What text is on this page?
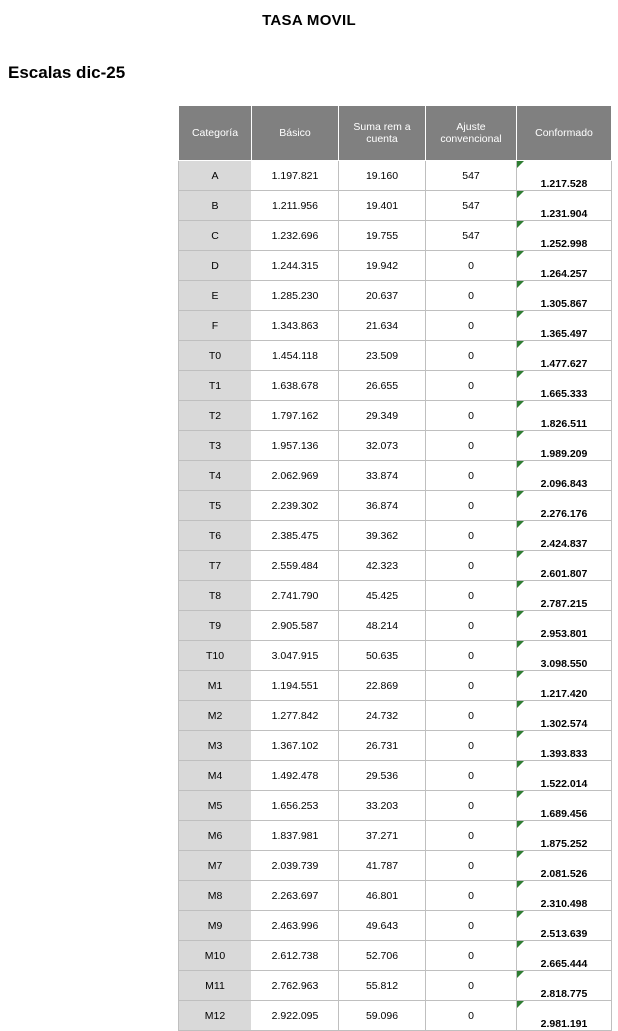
TASA MOVIL
Escalas dic-25
Categoría	Básico	Suma rem a cuenta	Ajuste convencional	Conformado
A	1.197.821	19.160	547	1.217.528
B	1.211.956	19.401	547	1.231.904
C	1.232.696	19.755	547	1.252.998
D	1.244.315	19.942	0	1.264.257
E	1.285.230	20.637	0	1.305.867
F	1.343.863	21.634	0	1.365.497
T0	1.454.118	23.509	0	1.477.627
T1	1.638.678	26.655	0	1.665.333
T2	1.797.162	29.349	0	1.826.511
T3	1.957.136	32.073	0	1.989.209
T4	2.062.969	33.874	0	2.096.843
T5	2.239.302	36.874	0	2.276.176
T6	2.385.475	39.362	0	2.424.837
T7	2.559.484	42.323	0	2.601.807
T8	2.741.790	45.425	0	2.787.215
T9	2.905.587	48.214	0	2.953.801
T10	3.047.915	50.635	0	3.098.550
M1	1.194.551	22.869	0	1.217.420
M2	1.277.842	24.732	0	1.302.574
M3	1.367.102	26.731	0	1.393.833
M4	1.492.478	29.536	0	1.522.014
M5	1.656.253	33.203	0	1.689.456
M6	1.837.981	37.271	0	1.875.252
M7	2.039.739	41.787	0	2.081.526
M8	2.263.697	46.801	0	2.310.498
M9	2.463.996	49.643	0	2.513.639
M10	2.612.738	52.706	0	2.665.444
M11	2.762.963	55.812	0	2.818.775
M12	2.922.095	59.096	0	2.981.191
